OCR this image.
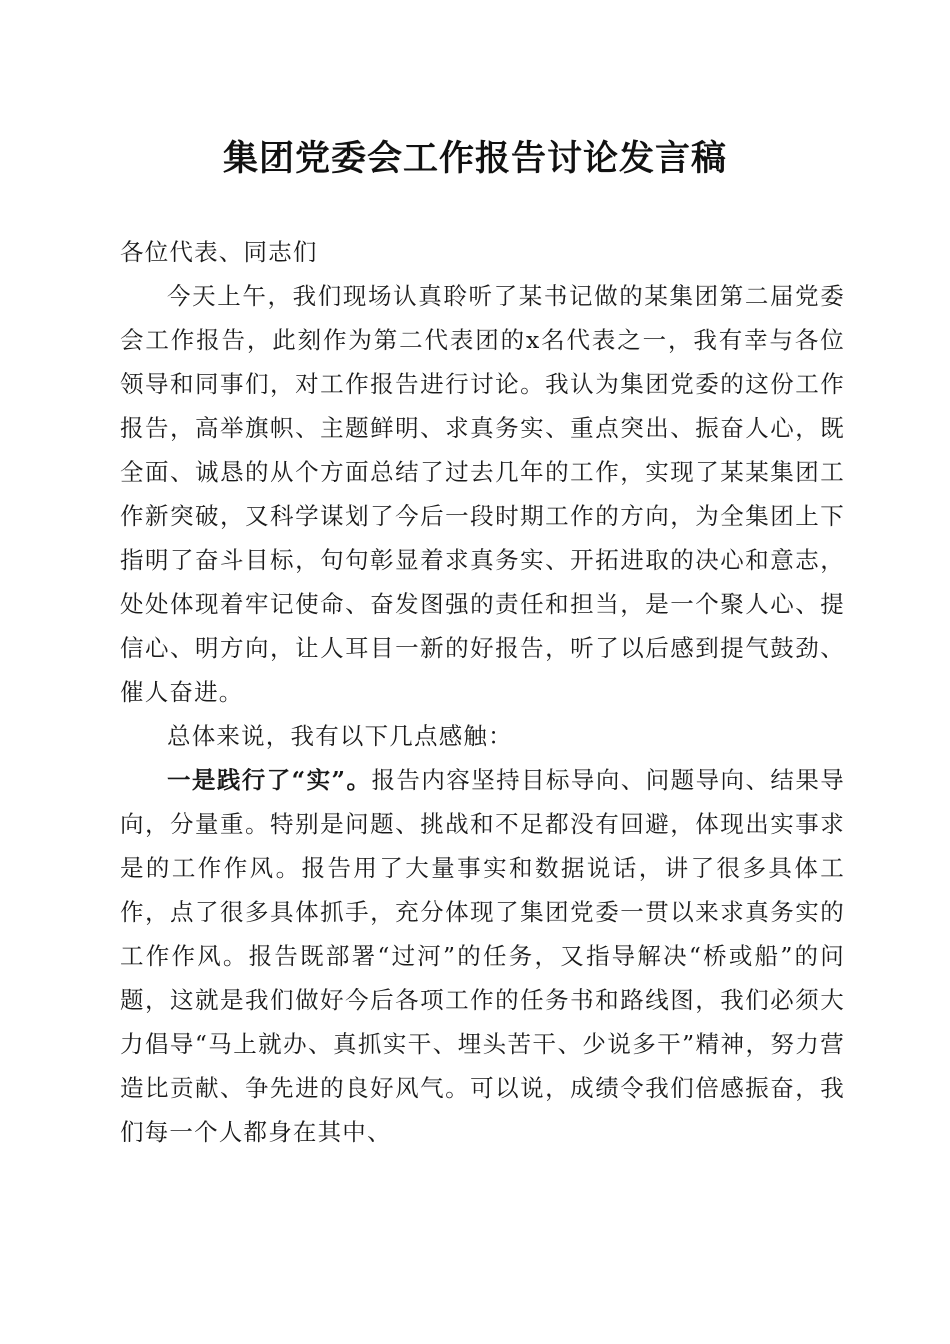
集团党委会工作报告讨论发言稿

各位代表、同志们

今天上午，我们现场认真聆听了某书记做的某集团第二届党委会工作报告，此刻作为第二代表团的x名代表之一，我有幸与各位领导和同事们，对工作报告进行讨论。我认为集团党委的这份工作报告，高举旗帜、主题鲜明、求真务实、重点突出、振奋人心，既全面、诚恳的从个方面总结了过去几年的工作，实现了某某集团工作新突破，又科学谋划了今后一段时期工作的方向，为全集团上下指明了奋斗目标，句句彰显着求真务实、开拓进取的决心和意志，处处体现着牢记使命、奋发图强的责任和担当，是一个聚人心、提信心、明方向，让人耳目一新的好报告，听了以后感到提气鼓劲、催人奋进。

总体来说，我有以下几点感触：

一是践行了“实”。报告内容坚持目标导向、问题导向、结果导向，分量重。特别是问题、挑战和不足都没有回避，体现出实事求是的工作作风。报告用了大量事实和数据说话，讲了很多具体工作，点了很多具体抓手，充分体现了集团党委一贯以来求真务实的工作作风。报告既部署“过河”的任务，又指导解决“桥或船”的问题，这就是我们做好今后各项工作的任务书和路线图，我们必须大力倡导“马上就办、真抓实干、埋头苦干、少说多干”精神，努力营造比贡献、争先进的良好风气。可以说，成绩令我们倍感振奋，我们每一个人都身在其中、
